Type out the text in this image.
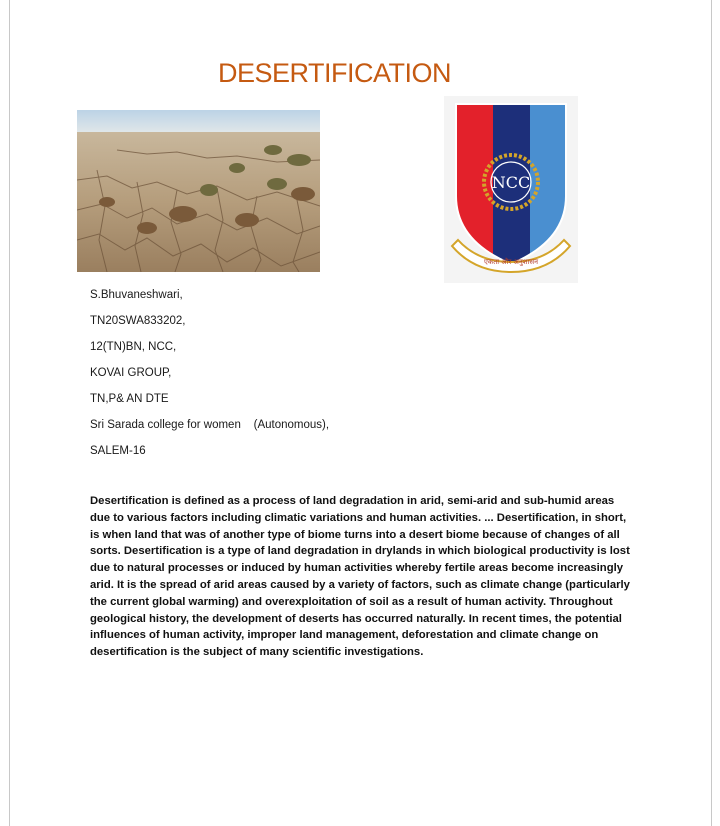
DESERTIFICATION
NCC
एकता और अनुशासन
S.Bhuvaneshwari,
TN20SWA833202,
12(TN)BN, NCC,
KOVAI GROUP,
TN,P& AN DTE
Sri Sarada college for women    (Autonomous),
SALEM-16
Desertification is defined as a process of land degradation in arid, semi-arid and sub-humid areas due to various factors including climatic variations and human activities. ... Desertification, in short, is when land that was of another type of biome turns into a desert biome because of changes of all sorts. Desertification is a type of land degradation in drylands in which biological productivity is lost due to natural processes or induced by human activities whereby fertile areas become increasingly arid. It is the spread of arid areas caused by a variety of factors, such as climate change (particularly the current global warming) and overexploitation of soil as a result of human activity. Throughout geological history, the development of deserts has occurred naturally. In recent times, the potential influences of human activity, improper land management, deforestation and climate change on desertification is the subject of many scientific investigations.
